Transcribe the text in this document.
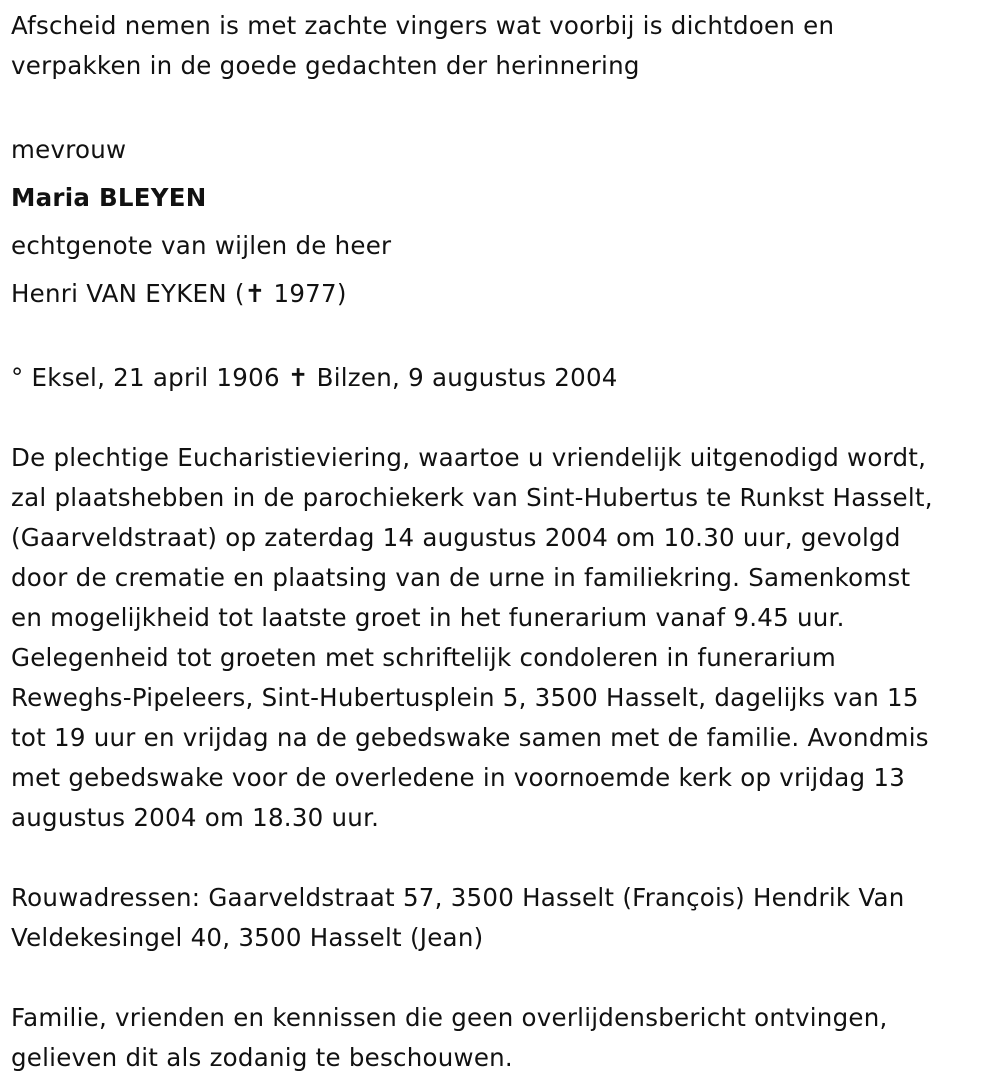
Afscheid nemen is met zachte vingers wat voorbij is dichtdoen en
verpakken in de goede gedachten der herinnering
mevrouw
Maria BLEYEN
echtgenote van wijlen de heer
Henri VAN EYKEN (✝ 1977)
° Eksel, 21 april 1906 ✝ Bilzen, 9 augustus 2004
De plechtige Eucharistieviering, waartoe u vriendelijk uitgenodigd wordt,
zal plaatshebben in de parochiekerk van Sint-Hubertus te Runkst Hasselt,
(Gaarveldstraat) op zaterdag 14 augustus 2004 om 10.30 uur, gevolgd
door de crematie en plaatsing van de urne in familiekring. Samenkomst
en mogelijkheid tot laatste groet in het funerarium vanaf 9.45 uur.
Gelegenheid tot groeten met schriftelijk condoleren in funerarium
Reweghs-Pipeleers, Sint-Hubertusplein 5, 3500 Hasselt, dagelijks van 15
tot 19 uur en vrijdag na de gebedswake samen met de familie. Avondmis
met gebedswake voor de overledene in voornoemde kerk op vrijdag 13
augustus 2004 om 18.30 uur.
Rouwadressen: Gaarveldstraat 57, 3500 Hasselt (François) Hendrik Van
Veldekesingel 40, 3500 Hasselt (Jean)
Familie, vrienden en kennissen die geen overlijdensbericht ontvingen,
gelieven dit als zodanig te beschouwen.
